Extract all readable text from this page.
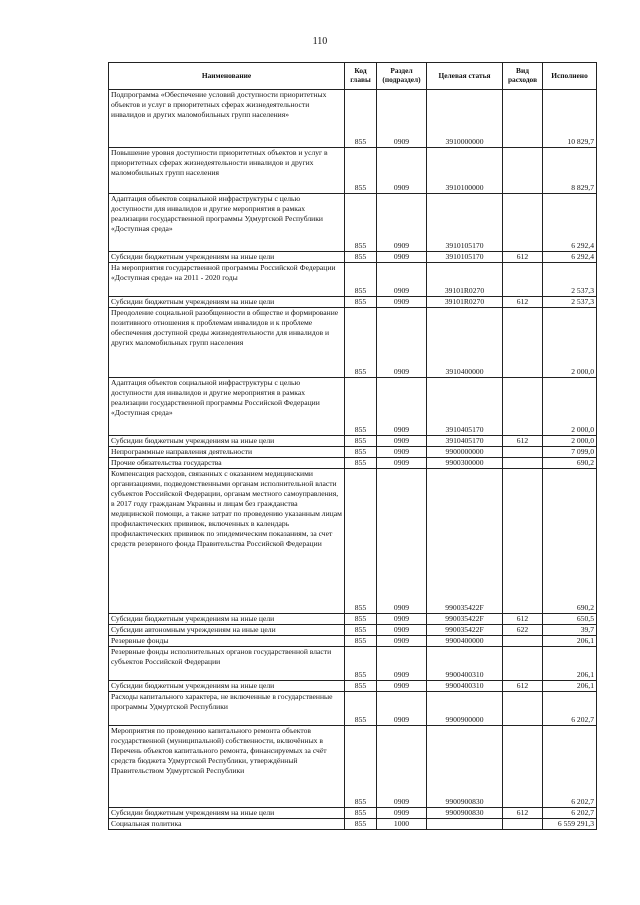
110
Наименование	Код главы	Раздел (подраздел)	Целевая статья	Вид расходов	Исполнено
Подпрограмма «Обеспечение условий доступности приоритетных объектов и услуг в приоритетных сферах жизнедеятельности инвалидов и других маломобильных групп населения»	855	0909	3910000000		10 829,7
Повышение уровня доступности приоритетных объектов и услуг в приоритетных сферах жизнедеятельности инвалидов и других маломобильных групп населения	855	0909	3910100000		8 829,7
Адаптация объектов социальной инфраструктуры с целью доступности для инвалидов и другие мероприятия в рамках реализации государственной программы Удмуртской Республики «Доступная среда»	855	0909	3910105170		6 292,4
Субсидии бюджетным учреждениям на иные цели	855	0909	3910105170	612	6 292,4
На мероприятия государственной программы Российской Федерации «Доступная среда» на 2011 - 2020 годы	855	0909	39101R0270		2 537,3
Субсидии бюджетным учреждениям на иные цели	855	0909	39101R0270	612	2 537,3
Преодоление социальной разобщенности в обществе и формирование позитивного отношения к проблемам инвалидов и к проблеме обеспечения доступной среды жизнедеятельности для инвалидов и других маломобильных групп населения	855	0909	3910400000		2 000,0
Адаптация объектов социальной инфраструктуры с целью доступности для инвалидов и другие мероприятия в рамках реализации государственной программы Российской Федерации «Доступная среда»	855	0909	3910405170		2 000,0
Субсидии бюджетным учреждениям на иные цели	855	0909	3910405170	612	2 000,0
Непрограммные направления деятельности	855	0909	9900000000		7 099,0
Прочие обязательства государства	855	0909	9900300000		690,2
Компенсация расходов, связанных с оказанием медицинскими организациями, подведомственными органам исполнительной власти субъектов Российской Федерации, органам местного самоуправления, в 2017 году гражданам Украины и лицам без гражданства медицинской помощи, а также затрат по проведению указанным лицам профилактических прививок, включенных в календарь профилактических прививок по эпидемическим показаниям, за счет средств резервного фонда Правительства Российской Федерации	855	0909	990035422F		690,2
Субсидии бюджетным учреждениям на иные цели	855	0909	990035422F	612	650,5
Субсидии автономным учреждениям на иные цели	855	0909	990035422F	622	39,7
Резервные фонды	855	0909	9900400000		206,1
Резервные фонды исполнительных органов государственной власти субъектов Российской Федерации	855	0909	9900400310		206,1
Субсидии бюджетным учреждениям на иные цели	855	0909	9900400310	612	206,1
Расходы капитального характера, не включенные в государственные программы Удмуртской Республики	855	0909	9900900000		6 202,7
Мероприятия по проведению капитального ремонта объектов государственной (муниципальной) собственности, включённых в Перечень объектов капитального ремонта, финансируемых за счёт средств бюджета Удмуртской Республики, утверждённый Правительством Удмуртской Республики	855	0909	9900900830		6 202,7
Субсидии бюджетным учреждениям на иные цели	855	0909	9900900830	612	6 202,7
Социальная политика	855	1000			6 559 291,3
